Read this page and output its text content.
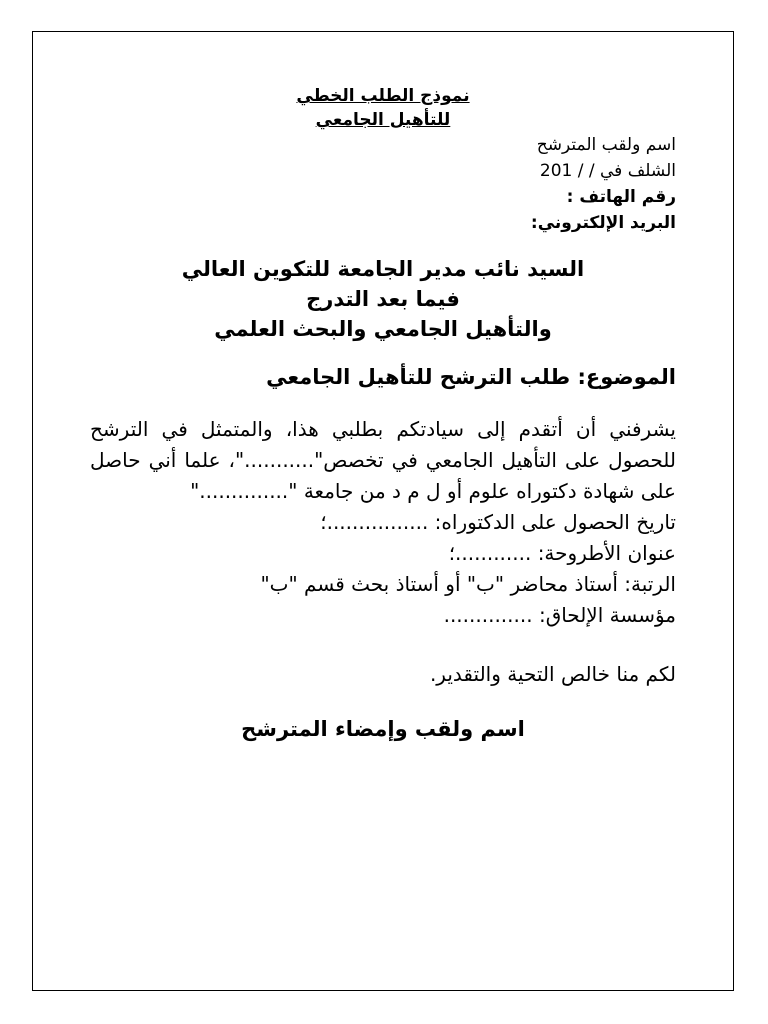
نموذج الطلب الخطي
للتأهيل الجامعي
اسم ولقب المترشح
الشلف في / / 201
رقم الهاتف :
البريد الإلكتروني:
السيد نائب مدير الجامعة للتكوين العالي
فيما بعد التدرج
والتأهيل الجامعي والبحث العلمي
الموضوع: طلب الترشح للتأهيل الجامعي
يشرفني أن أتقدم إلى سيادتكم بطلبي هذا، والمتمثل في الترشح للحصول على التأهيل الجامعي في تخصص"..........."، علما أني حاصل على شهادة دكتوراه علوم أو ل م د من جامعة ".............."
تاريخ الحصول على الدكتوراه: ................؛
عنوان الأطروحة: ............؛
الرتبة: أستاذ محاضر "ب" أو أستاذ بحث قسم "ب"
مؤسسة الإلحاق: ..............
لكم منا خالص التحية والتقدير.
اسم ولقب وإمضاء المترشح
